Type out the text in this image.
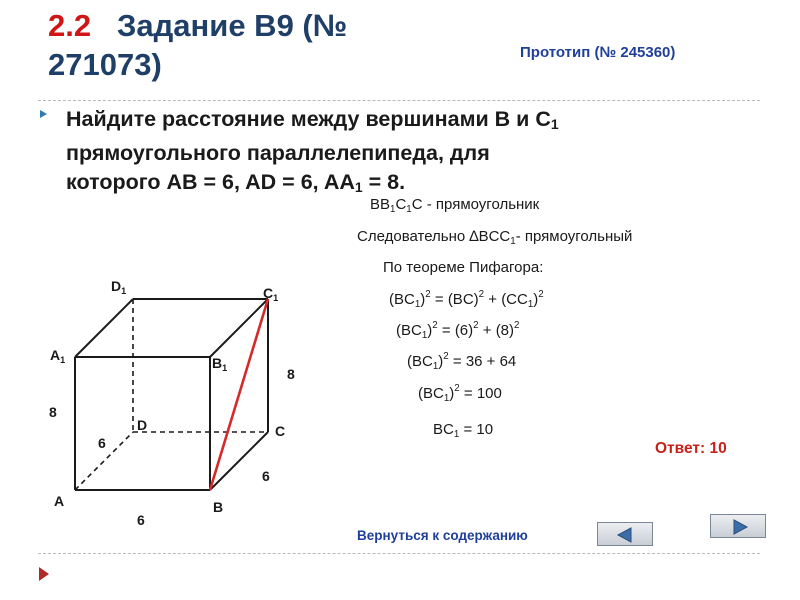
2.2 Задание B9 (№
271073)	Прототип (№ 245360)
Найдите расстояние между вершинами B и $C_1$
прямоугольного параллелепипеда, для
которого AB = 6, AD = 6, $AA_1 = 8$.
$BB_1C_1C$ - прямоугольник
Следовательно $\Delta BCC_1-$ прямоугольный
По теореме Пифагора:
$(BC_1)^2 = (BC)^2 + (CC_1)^2$
$(BC_1)^2 = (6)^2 + (8)^2$
$(BC_1)^2 = 36 + 64$
$(BC_1)^2 = 100$
$BC_1 = 10$
Ответ: 10
$D_1$	$C_1$
$A_1$	$B_1$	8
8
D	C
6
6
A	B
6
Вернуться к содержанию
